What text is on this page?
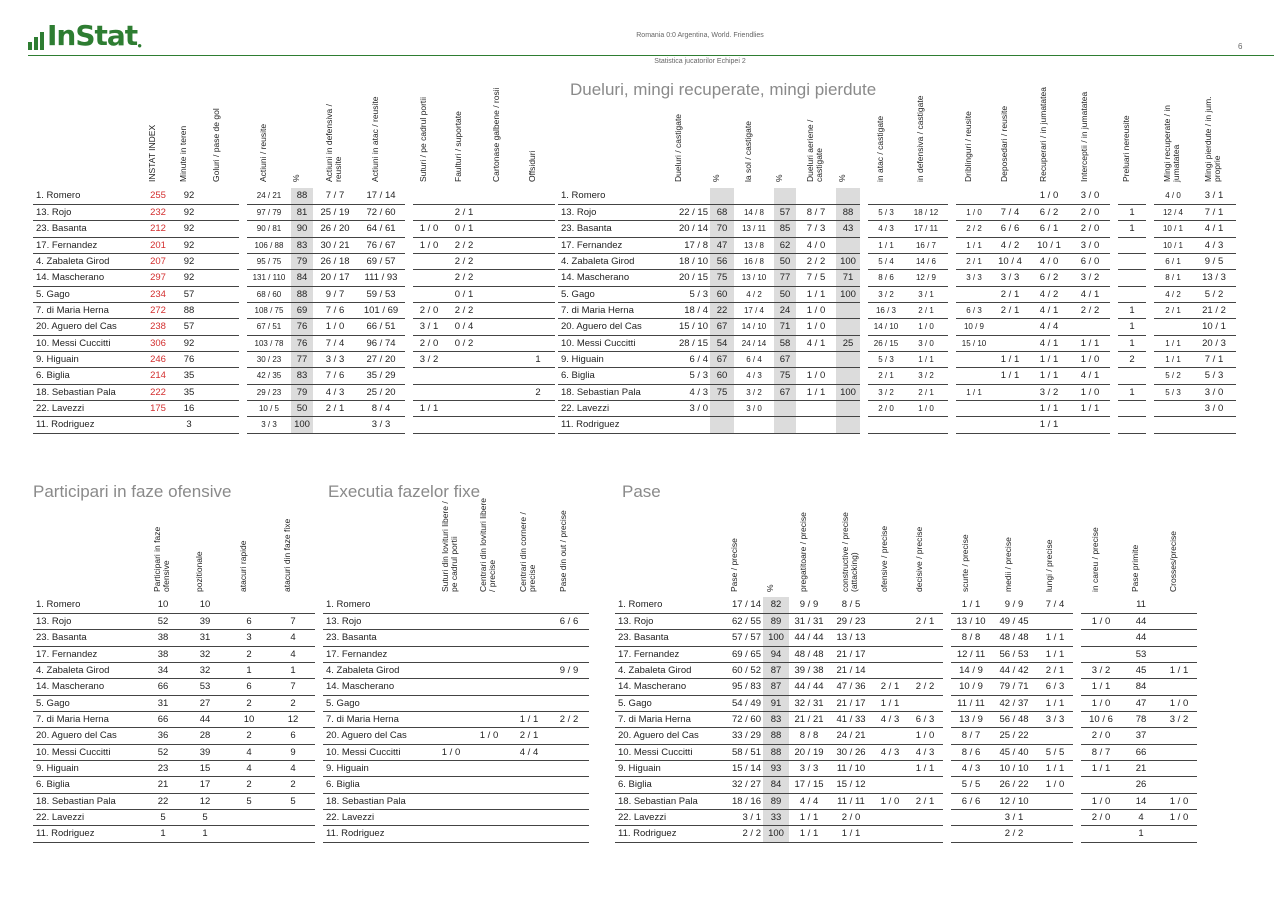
InStat$_●$
Romania 0:0 Argentina, World. Friendlies
6
Statistica jucatorilor Echipei 2
Dueluri, mingi recuperate, mingi pierdute
Participari in faze ofensive	Executia fazelor fixe	Pase
INSTAT INDEX Minute in teren	Goluri / pase de gol	Actiuni / reusite	%	Actiuni in defensiva / reusite	Actiuni in atac / reusite	Suturi / pe cadrul portii	Faulturi / suportate	Cartonase galbene / rosii	Offsiduri	Dueluri / castigate	%	la sol / castigate % Dueluri aeriene / castigate %	in atac / castigate	in defensiva / castigate	Driblinguri / reusite	Deposedari / reusite	Recuperari / in jumatatea	Interceptii / in jumatatea	Preluari nereusite	Mingi recuperate / in jumatatea	Mingi pierdute / in jum. proprie
Participari in faze ofensive	pozitionale	atacuri rapide	atacuri din faze fixe	Suturi din lovituri libere / pe cadrul portii Centrari din lovituri libere / precise Centrari din cornere / precise Pase din out / precise	Pase / precise	%	pregatitoare / precise	constructive / precise (attacking) ofensive / precise	decisive / precise	scurte / precise	medii / precise	lungi / precise	in careu / precise	Pase primite	Crosses/precise
1. Romero	255	92			24 / 21	88	7 / 7	17 / 14					
13. Rojo	232	92			97 / 79	81	25 / 19	72 / 60			2 / 1		
23. Basanta	212	92			90 / 81	90	26 / 20	64 / 61		1 / 0	0 / 1		
17. Fernandez	201	92			106 / 88	83	30 / 21	76 / 67		1 / 0	2 / 2		
4. Zabaleta Girod	207	92			95 / 75	79	26 / 18	69 / 57			2 / 2		
14. Mascherano	297	92			131 / 110	84	20 / 17	111 / 93			2 / 2		
5. Gago	234	57			68 / 60	88	9 / 7	59 / 53			0 / 1		
7. di Maria Herna	272	88			108 / 75	69	7 / 6	101 / 69		2 / 0	2 / 2		
20. Aguero del Cas	238	57			67 / 51	76	1 / 0	66 / 51		3 / 1	0 / 4		
10. Messi Cuccitti	306	92			103 / 78	76	7 / 4	96 / 74		2 / 0	0 / 2		
9. Higuain	246	76			30 / 23	77	3 / 3	27 / 20		3 / 2			1
6. Biglia	214	35			42 / 35	83	7 / 6	35 / 29					
18. Sebastian Pala	222	35			29 / 23	79	4 / 3	25 / 20					2
22. Lavezzi	175	16			10 / 5	50	2 / 1	8 / 4		1 / 1			
11. Rodriguez		3			3 / 3	100		3 / 3					
1. Romero													1 / 0	3 / 0				4 / 0	3 / 1
13. Rojo	22 / 15	68	14 / 8	57	8 / 7	88		5 / 3	18 / 12		1 / 0	7 / 4	6 / 2	2 / 0		1		12 / 4	7 / 1
23. Basanta	20 / 14	70	13 / 11	85	7 / 3	43		4 / 3	17 / 11		2 / 2	6 / 6	6 / 1	2 / 0		1		10 / 1	4 / 1
17. Fernandez	17 / 8	47	13 / 8	62	4 / 0			1 / 1	16 / 7		1 / 1	4 / 2	10 / 1	3 / 0				10 / 1	4 / 3
4. Zabaleta Girod	18 / 10	56	16 / 8	50	2 / 2	100		5 / 4	14 / 6		2 / 1	10 / 4	4 / 0	6 / 0				6 / 1	9 / 5
14. Mascherano	20 / 15	75	13 / 10	77	7 / 5	71		8 / 6	12 / 9		3 / 3	3 / 3	6 / 2	3 / 2				8 / 1	13 / 3
5. Gago	5 / 3	60	4 / 2	50	1 / 1	100		3 / 2	3 / 1			2 / 1	4 / 2	4 / 1				4 / 2	5 / 2
7. di Maria Herna	18 / 4	22	17 / 4	24	1 / 0			16 / 3	2 / 1		6 / 3	2 / 1	4 / 1	2 / 2		1		2 / 1	21 / 2
20. Aguero del Cas	15 / 10	67	14 / 10	71	1 / 0			14 / 10	1 / 0		10 / 9		4 / 4			1			10 / 1
10. Messi Cuccitti	28 / 15	54	24 / 14	58	4 / 1	25		26 / 15	3 / 0		15 / 10		4 / 1	1 / 1		1		1 / 1	20 / 3
9. Higuain	6 / 4	67	6 / 4	67				5 / 3	1 / 1			1 / 1	1 / 1	1 / 0		2		1 / 1	7 / 1
6. Biglia	5 / 3	60	4 / 3	75	1 / 0			2 / 1	3 / 2			1 / 1	1 / 1	4 / 1				5 / 2	5 / 3
18. Sebastian Pala	4 / 3	75	3 / 2	67	1 / 1	100		3 / 2	2 / 1		1 / 1		3 / 2	1 / 0		1		5 / 3	3 / 0
22. Lavezzi	3 / 0		3 / 0					2 / 0	1 / 0				1 / 1	1 / 1					3 / 0
11. Rodriguez													1 / 1						
1. Romero	10	10		
13. Rojo	52	39	6	7
23. Basanta	38	31	3	4
17. Fernandez	38	32	2	4
4. Zabaleta Girod	34	32	1	1
14. Mascherano	66	53	6	7
5. Gago	31	27	2	2
7. di Maria Herna	66	44	10	12
20. Aguero del Cas	36	28	2	6
10. Messi Cuccitti	52	39	4	9
9. Higuain	23	15	4	4
6. Biglia	21	17	2	2
18. Sebastian Pala	22	12	5	5
22. Lavezzi	5	5		
11. Rodriguez	1	1		
1. Romero				
13. Rojo				6 / 6
23. Basanta				
17. Fernandez				
4. Zabaleta Girod				9 / 9
14. Mascherano				
5. Gago				
7. di Maria Herna			1 / 1	2 / 2
20. Aguero del Cas		1 / 0	2 / 1	
10. Messi Cuccitti	1 / 0		4 / 4	
9. Higuain				
6. Biglia				
18. Sebastian Pala				
22. Lavezzi				
11. Rodriguez				
1. Romero	17 / 14	82	9 / 9	8 / 5				1 / 1	9 / 9	7 / 4			11	
13. Rojo	62 / 55	89	31 / 31	29 / 23		2 / 1		13 / 10	49 / 45			1 / 0	44	
23. Basanta	57 / 57	100	44 / 44	13 / 13				8 / 8	48 / 48	1 / 1			44	
17. Fernandez	69 / 65	94	48 / 48	21 / 17				12 / 11	56 / 53	1 / 1			53	
4. Zabaleta Girod	60 / 52	87	39 / 38	21 / 14				14 / 9	44 / 42	2 / 1		3 / 2	45	1 / 1
14. Mascherano	95 / 83	87	44 / 44	47 / 36	2 / 1	2 / 2		10 / 9	79 / 71	6 / 3		1 / 1	84	
5. Gago	54 / 49	91	32 / 31	21 / 17	1 / 1			11 / 11	42 / 37	1 / 1		1 / 0	47	1 / 0
7. di Maria Herna	72 / 60	83	21 / 21	41 / 33	4 / 3	6 / 3		13 / 9	56 / 48	3 / 3		10 / 6	78	3 / 2
20. Aguero del Cas	33 / 29	88	8 / 8	24 / 21		1 / 0		8 / 7	25 / 22			2 / 0	37	
10. Messi Cuccitti	58 / 51	88	20 / 19	30 / 26	4 / 3	4 / 3		8 / 6	45 / 40	5 / 5		8 / 7	66	
9. Higuain	15 / 14	93	3 / 3	11 / 10		1 / 1		4 / 3	10 / 10	1 / 1		1 / 1	21	
6. Biglia	32 / 27	84	17 / 15	15 / 12				5 / 5	26 / 22	1 / 0			26	
18. Sebastian Pala	18 / 16	89	4 / 4	11 / 11	1 / 0	2 / 1		6 / 6	12 / 10			1 / 0	14	1 / 0
22. Lavezzi	3 / 1	33	1 / 1	2 / 0					3 / 1			2 / 0	4	1 / 0
11. Rodriguez	2 / 2	100	1 / 1	1 / 1					2 / 2				1	
